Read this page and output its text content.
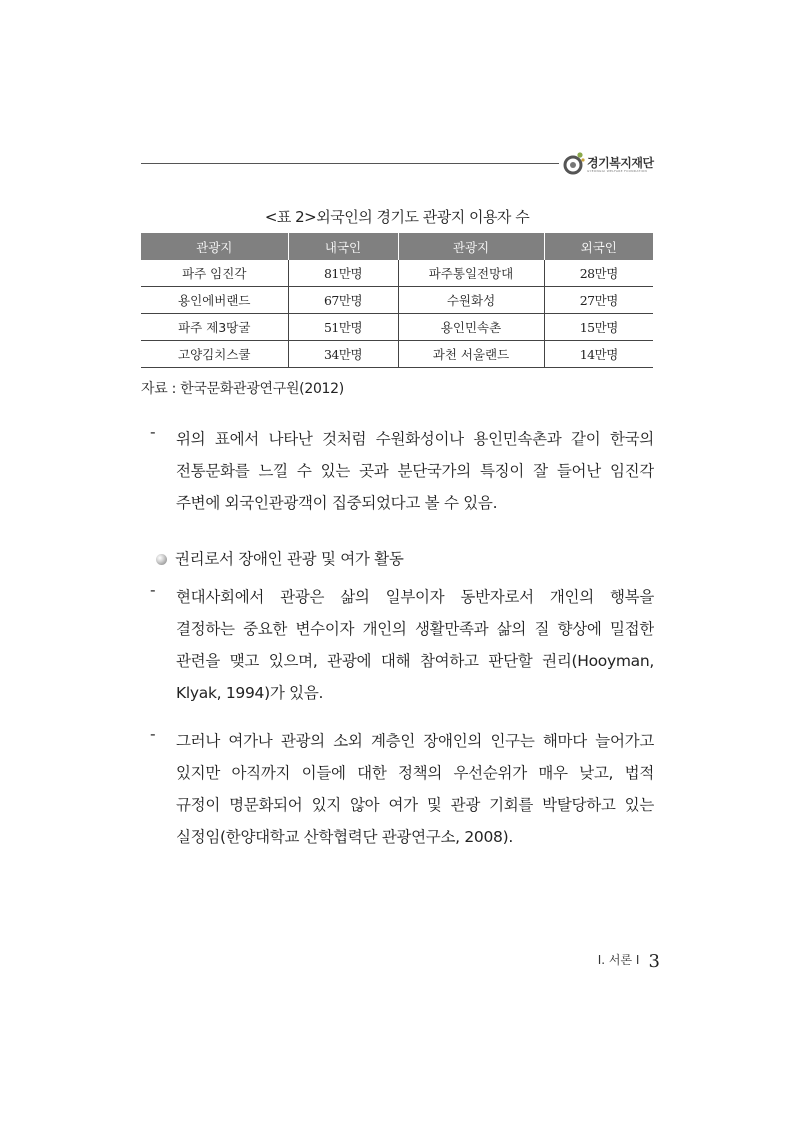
경기복지재단
GYEONGGI WELFARE FOUNDATION
<표 2>외국인의 경기도 관광지 이용자 수
관광지	내국인	관광지	외국인
파주 임진각	81만명	파주통일전망대	28만명
용인에버랜드	67만명	수원화성	27만명
파주 제3땅굴	51만명	용인민속촌	15만명
고양김치스쿨	34만명	과천 서울랜드	14만명
자료 : 한국문화관광연구원(2012)
- 위의 표에서 나타난 것처럼 수원화성이나 용인민속촌과 같이 한국의
전통문화를 느낄 수 있는 곳과 분단국가의 특징이 잘 들어난 임진각
주변에 외국인관광객이 집중되었다고 볼 수 있음.
권리로서 장애인 관광 및 여가 활동
- 현대사회에서 관광은 삶의 일부이자 동반자로서 개인의 행복을
결정하는 중요한 변수이자 개인의 생활만족과 삶의 질 향상에 밀접한
관련을 맺고 있으며, 관광에 대해 참여하고 판단할 권리(Hooyman,
Klyak, 1994)가 있음.
- 그러나 여가나 관광의 소외 계층인 장애인의 인구는 해마다 늘어가고
있지만 아직까지 이들에 대한 정책의 우선순위가 매우 낮고, 법적
규정이 명문화되어 있지 않아 여가 및 관광 기회를 박탈당하고 있는
실정임(한양대학교 산학협력단 관광연구소, 2008).
Ⅰ. 서론 Ⅰ 3
